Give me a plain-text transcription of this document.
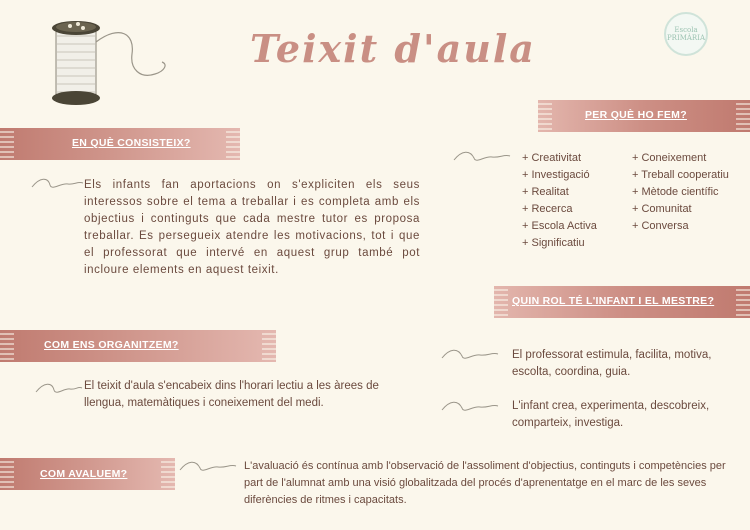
Teixit d'aula	Escola
PRIMÀRIA
EN QUÈ CONSISTEIX?
Els infants fan aportacions on s'expliciten els seus interessos sobre el tema a treballar i es completa amb els objectius i continguts que cada mestre tutor es proposa treballar. Es persegueix atendre les motivacions, tot i que el professorat que intervé en aquest grup també pot incloure elements en aquest teixit.
COM ENS ORGANITZEM?
El teixit d'aula s'encabeix dins l'horari lectiu a les àrees de llengua, matemàtiques i coneixement del medi.
COM AVALUEM?
L'avaluació és contínua amb l'observació de l'assoliment d'objectius, continguts i competències per part de l'alumnat amb una visió globalitzada del procés d'aprenentatge en el marc de les seves diferències de ritmes i capacitats.
PER QUÈ HO FEM?
+ Creativitat
+ Investigació
+ Realitat
+ Recerca
+ Escola Activa
+ Significatiu
+ Coneixement
+ Treball cooperatiu
+ Mètode científic
+ Comunitat
+ Conversa
QUIN ROL TÉ L'INFANT I EL MESTRE?
El professorat estimula, facilita, motiva, escolta, coordina, guia.
L'infant crea, experimenta, descobreix, comparteix, investiga.
